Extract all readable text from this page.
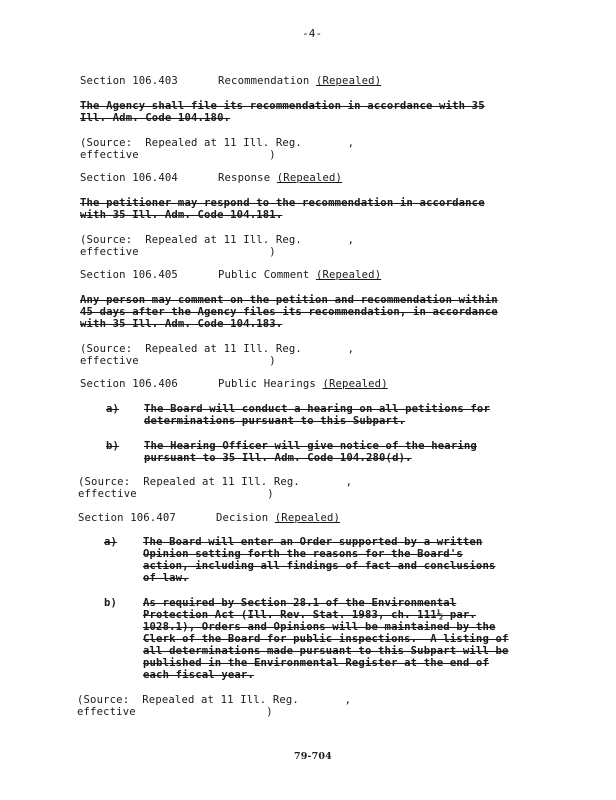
-4-
Section 106.403	Recommendation (Repealed)
The Agency shall file its recommendation in accordance with 35
Ill. Adm. Code 104.180.
(Source:  Repealed at 11 Ill. Reg.       ,
effective                    )
Section 106.404	Response (Repealed)
The petitioner may respond to the recommendation in accordance
with 35 Ill. Adm. Code 104.181.
(Source:  Repealed at 11 Ill. Reg.       ,
effective                    )
Section 106.405	Public Comment (Repealed)
Any person may comment on the petition and recommendation within
45 days after the Agency files its recommendation, in accordance
with 35 Ill. Adm. Code 104.183.
(Source:  Repealed at 11 Ill. Reg.       ,
effective                    )
Section 106.406	Public Hearings (Repealed)
a) The Board will conduct a hearing on all petitions for
determinations pursuant to this Subpart.
b) The Hearing Officer will give notice of the hearing
pursuant to 35 Ill. Adm. Code 104.280(d).
(Source:  Repealed at 11 Ill. Reg.       ,
effective                    )
Section 106.407	Decision (Repealed)
a) The Board will enter an Order supported by a written
Opinion setting forth the reasons for the Board's
action, including all findings of fact and conclusions
of law.
b) As required by Section 28.1 of the Environmental
Protection Act (Ill. Rev. Stat. 1983, ch. 111½ par.
1028.1), Orders and Opinions will be maintained by the
Clerk of the Board for public inspections.  A listing of
all determinations made pursuant to this Subpart will be
published in the Environmental Register at the end of
each fiscal year.
(Source:  Repealed at 11 Ill. Reg.       ,
effective                    )
79-704
